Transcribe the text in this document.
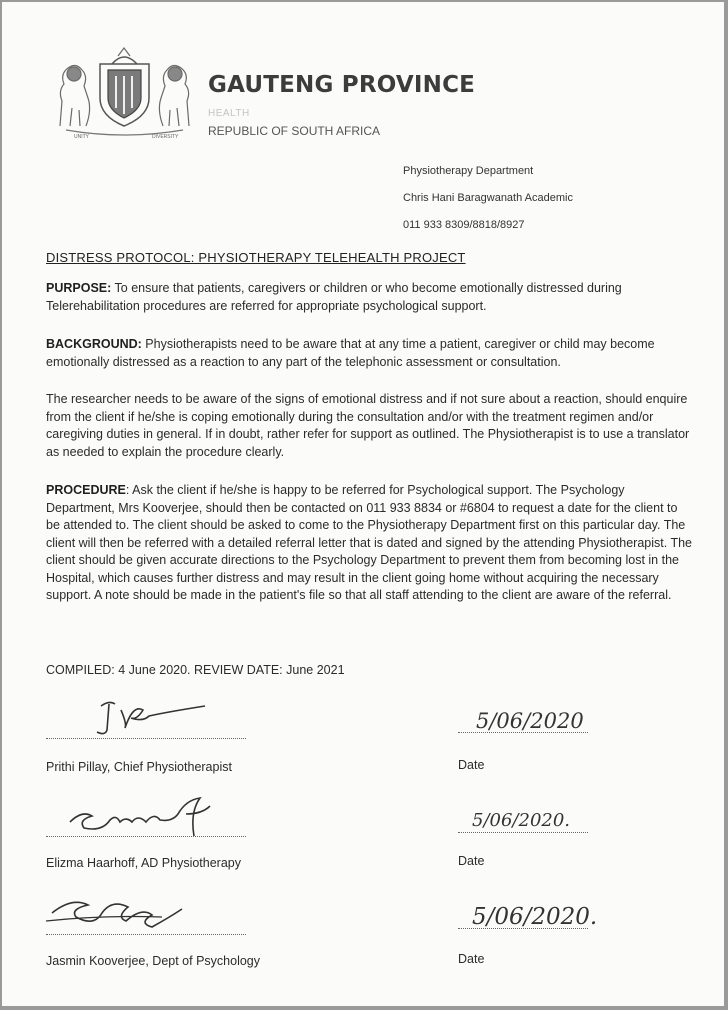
UNITY	DIVERSITY
GAUTENG PROVINCE
HEALTH
REPUBLIC OF SOUTH AFRICA
Physiotherapy Department
Chris Hani Baragwanath Academic
011 933 8309/8818/8927
DISTRESS PROTOCOL: PHYSIOTHERAPY TELEHEALTH PROJECT

PURPOSE: To ensure that patients, caregivers or children or who become emotionally distressed during Telerehabilitation procedures are referred for appropriate psychological support.

BACKGROUND: Physiotherapists need to be aware that at any time a patient, caregiver or child may become emotionally distressed as a reaction to any part of the telephonic assessment or consultation.

The researcher needs to be aware of the signs of emotional distress and if not sure about a reaction, should enquire from the client if he/she is coping emotionally during the consultation and/or with the treatment regimen and/or caregiving duties in general. If in doubt, rather refer for support as outlined. The Physiotherapist is to use a translator as needed to explain the procedure clearly.

PROCEDURE: Ask the client if he/she is happy to be referred for Psychological support. The Psychology Department, Mrs Kooverjee, should then be contacted on 011 933 8834 or #6804 to request a date for the client to be attended to. The client should be asked to come to the Physiotherapy Department first on this particular day. The client will then be referred with a detailed referral letter that is dated and signed by the attending Physiotherapist. The client should be given accurate directions to the Psychology Department to prevent them from becoming lost in the Hospital, which causes further distress and may result in the client going home without acquiring the necessary support. A note should be made in the patient's file so that all staff attending to the client are aware of the referral.

COMPILED: 4 June 2020. REVIEW DATE: June 2021

Prithi Pillay, Chief Physiotherapist
5/06/2020
Date
Elizma Haarhoff, AD Physiotherapy
5/06/2020.
Date
Jasmin Kooverjee, Dept of Psychology
5/06/2020.
Date
